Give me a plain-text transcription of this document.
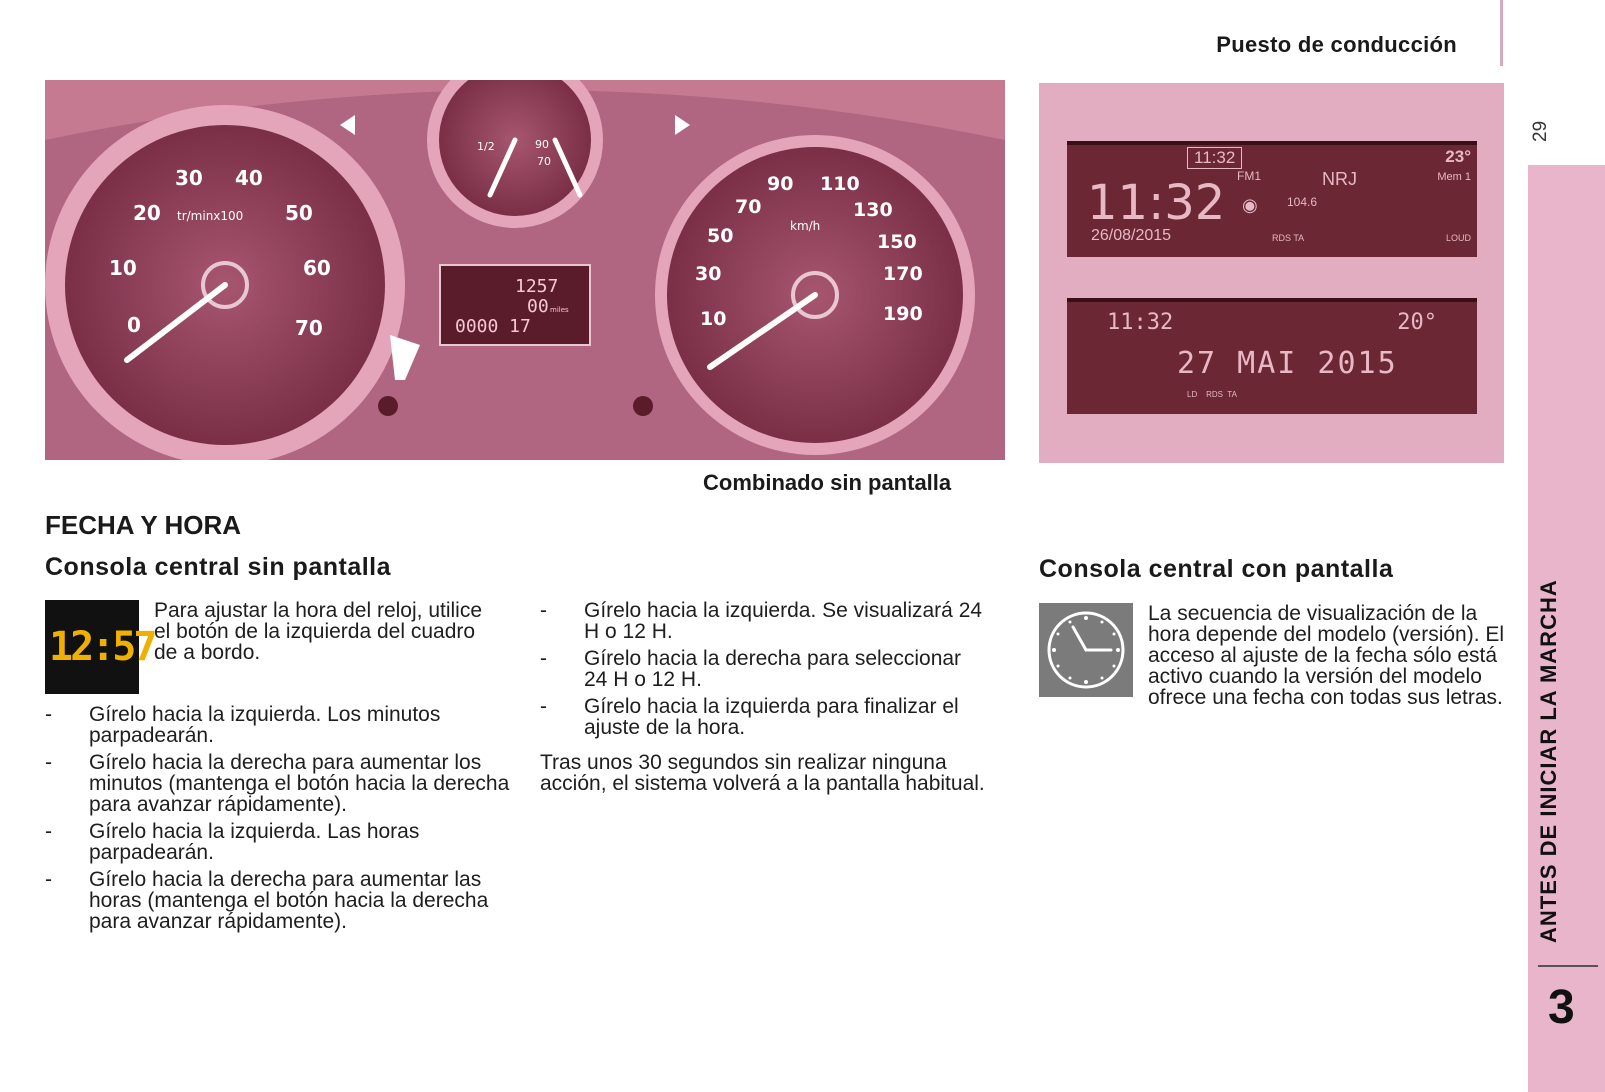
Puesto de conducción
29
ANTES DE INICIAR LA MARCHA
3
0
10
20
30 40
50
60
70
tr/minx100
1/2	90
70
1257
00 miles
0000 17	10
30
50
70
90 110
130
150
170
190
km/h
Combinado sin pantalla
11:32	23°
11:32
26/08/2015
FM1	NRJ	Mem 1
104.6
◉
RDS TA	LOUD
11:32	20°
27 MAI 2015
LD    RDS  TA
FECHA Y HORA
Consola central sin pantalla
12:57
Para ajustar la hora del reloj, utilice el botón de la izquierda del cuadro de a bordo.
- Gírelo hacia la izquierda. Los minutos parpadearán.
- Gírelo hacia la derecha para aumentar los minutos (mantenga el botón hacia la derecha para avanzar rápidamente).
- Gírelo hacia la izquierda. Las horas parpadearán.
- Gírelo hacia la derecha para aumentar las horas (mantenga el botón hacia la derecha para avanzar rápidamente).
- Gírelo hacia la izquierda. Se visualizará 24 H o 12 H.
- Gírelo hacia la derecha para seleccionar 24 H o 12 H.
- Gírelo hacia la izquierda para finalizar el ajuste de la hora.
Tras unos 30 segundos sin realizar ninguna acción, el sistema volverá a la pantalla habitual.
Consola central con pantalla
La secuencia de visualización de la hora depende del modelo (versión). El acceso al ajuste de la fecha sólo está activo cuando la versión del modelo ofrece una fecha con todas sus letras.
